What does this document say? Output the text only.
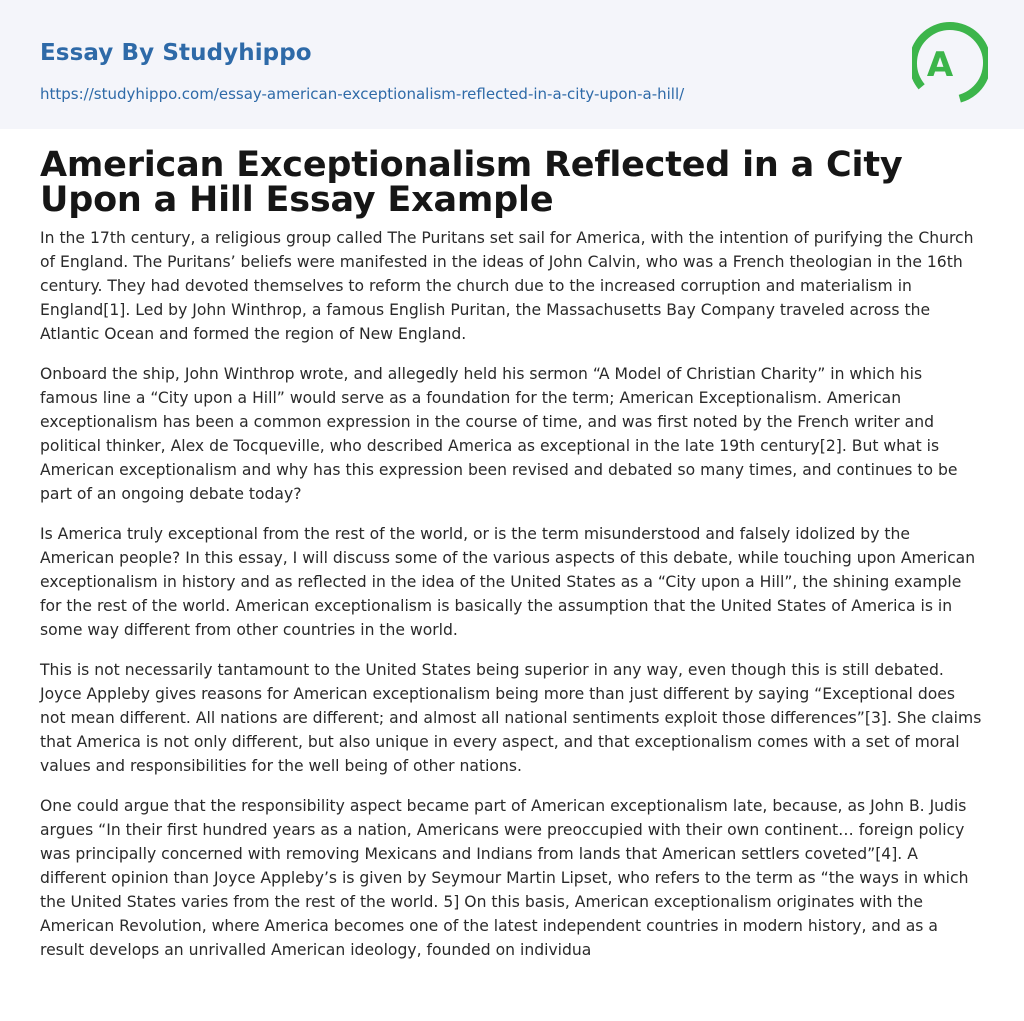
Essay By Studyhippo
https://studyhippo.com/essay-american-exceptionalism-reflected-in-a-city-upon-a-hill/
A
American Exceptionalism Reflected in a City Upon a Hill Essay Example

In the 17th century, a religious group called The Puritans set sail for America, with the intention of purifying the Church of England. The Puritans’ beliefs were manifested in the ideas of John Calvin, who was a French theologian in the 16th century. They had devoted themselves to reform the church due to the increased corruption and materialism in England[1]. Led by John Winthrop, a famous English Puritan, the Massachusetts Bay Company traveled across the Atlantic Ocean and formed the region of New England.

Onboard the ship, John Winthrop wrote, and allegedly held his sermon “A Model of Christian Charity” in which his famous line a “City upon a Hill” would serve as a foundation for the term; American Exceptionalism. American exceptionalism has been a common expression in the course of time, and was first noted by the French writer and political thinker, Alex de Tocqueville, who described America as exceptional in the late 19th century[2]. But what is American exceptionalism and why has this expression been revised and debated so many times, and continues to be part of an ongoing debate today?

Is America truly exceptional from the rest of the world, or is the term misunderstood and falsely idolized by the American people? In this essay, I will discuss some of the various aspects of this debate, while touching upon American exceptionalism in history and as reflected in the idea of the United States as a “City upon a Hill”, the shining example for the rest of the world. American exceptionalism is basically the assumption that the United States of America is in some way different from other countries in the world.

This is not necessarily tantamount to the United States being superior in any way, even though this is still debated. Joyce Appleby gives reasons for American exceptionalism being more than just different by saying “Exceptional does not mean different. All nations are different; and almost all national sentiments exploit those differences”[3]. She claims that America is not only different, but also unique in every aspect, and that exceptionalism comes with a set of moral values and responsibilities for the well being of other nations.

One could argue that the responsibility aspect became part of American exceptionalism late, because, as John B. Judis argues “In their first hundred years as a nation, Americans were preoccupied with their own continent… foreign policy was principally concerned with removing Mexicans and Indians from lands that American settlers coveted”[4]. A different opinion than Joyce Appleby’s is given by Seymour Martin Lipset, who refers to the term as “the ways in which the United States varies from the rest of the world. 5] On this basis, American exceptionalism originates with the American Revolution, where America becomes one of the latest independent countries in modern history, and as a result develops an unrivalled American ideology, founded on individua
